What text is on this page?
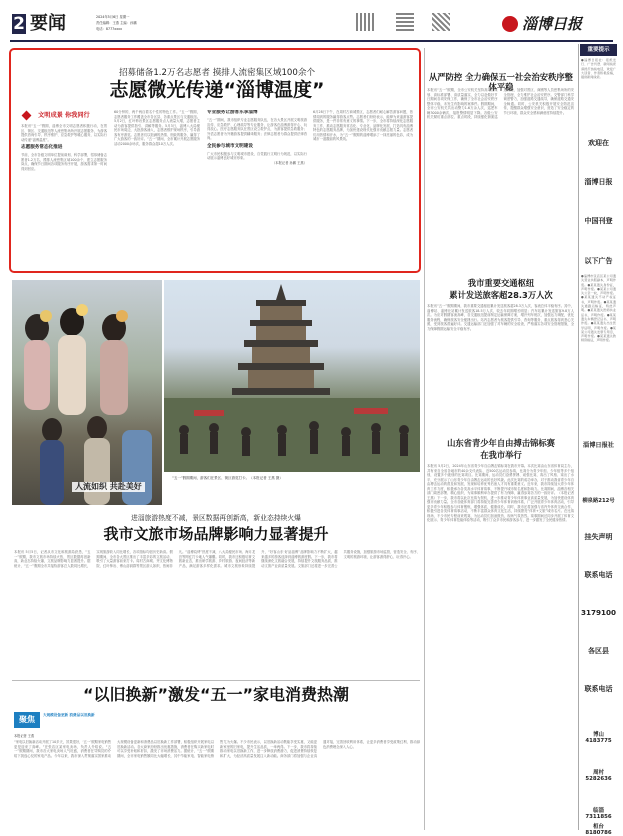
2 要闻	2024年5月6日 星期一
责任编辑：王燕 主编：孙鹏
电话：8777xxxx	淄博日报
招募储备1.2万名志愿者 摸排人流密集区域100余个
志愿微光传递“淄博温度”
$^{文明成景 你我同行}$
本报讯“五一”假期，淄博全市文明志愿者积极行动，在景区、街区、交通枢纽等人流密集场所开展志愿服务，为游客提供咨询引导、秩序维护、应急救护等暖心服务，以实际行动传递“淄博温度”。
志愿服务常态化推进
节前，全市各级文明单位提前谋划、科学部署，招募储备志愿者1.2万名，摸排人流密集区域100余个，建立志愿服务岗点，确保节日期间各项服务有序开展，游客需求第一时间得到回应。
60分钟的，两千两百着名个性的特色工作。“五一”假期，志愿者服务工作覆盖全市各区县、各重点景区与交通枢纽。5月2日，红叶柿岩景区志愿服务点人流量大增，志愿者主动为游客提供指引、讲解等服务。5月3日，淄博八大局便民市场周边，大批游客涌入，志愿者维护现场秩序，引导游客有序游览。志愿者们以饱满的热情、细致的服务，赢得了广大游客的一致好评。“五一”期间，全市累计开展志愿服务活动2000余场次，服务群众超10万人次。
专业服务让游客乐享淄博
“五一”期间，我市组织专业志愿服务队伍，在各大景区开展文明旅游宣传、应急救护、心理疏导等专业服务，让游客在淄博游得开心、玩得放心。医疗志愿服务队在景区设立救护点，为游客提供急救服务；外语志愿者为外籍游客提供翻译服务；法律志愿者为群众提供法律咨询。
全民参与城市文明建设
广大市民积极参与文明城市建设，自觉践行文明行为规范，以实际行动展示淄博良好城市形象。
（本报记者 孙鹏 王燕）
6月28日下午，在周村古商城景区，志愿者们耐心解答游客问题，热情周到的服务赢得游客点赞。志愿者们纷纷表示，能够为来淄游客提供服务，是一件非常有意义的事情。下一步，全市将持续深化志愿服务工作，推动志愿服务常态化、专业化、品牌化发展，打造具有淄博特色的志愿服务品牌，为加快建设现代化强市贡献志愿力量。志愿者们用热情和汗水，为“五一”假期的淄博增添了一抹亮丽的色彩，成为城市一道靓丽的风景线。
从严防控 全力确保五一社会治安秩序整体平稳
本报讯“五一”假期，全市公安机关坚持高站位谋划、高标准部署、高质量落实，全力以赴做好节日期间各项安保工作，确保了全市社会治安秩序整体平稳，未发生有影响的案事件。假期期间，全市公安机关共出动警力1.6万余人次，巡逻车辆3000余辆次，接报警情明显下降。各级公安机关紧盯重点部位、重点时段，持续强化街面巡逻防控，加强对景区、商圈等人员密集场所的安全管理，全力维护社会治安秩序。交警部门科学调度警力，加强道路交通疏导，确保道路交通安全畅通。同时，公安机关积极开展安全防范宣传，提醒群众增强安全意识，营造了安全稳定的节日环境，群众安全感和满意度持续提升。
我市重要交通枢纽
累计发送旅客超28.3万人次
本报讯“五一”假期期间，我市重要交通枢纽累计发送旅客超28.3万人次，客流总体平稳有序。其中，淄博站、淄博北站累计发送旅客18.5万人次，较去年同期增长明显；汽车站累计发送旅客9.8万人次。为应对假期客流高峰，各交通枢纽提前制定运输保障方案，增开列车班次，加强运力调配，优化服务流程，确保旅客安全便捷出行。站内志愿者为旅客提供引导、咨询等服务，重点旅客得到悉心关照，受到旅客普遍好评。交通运输部门还加强了对车辆的安全检查，严格落实各项安全管理措施，全力保障假期运输安全平稳有序。
山东省青少年自由搏击锦标赛
在我市举行
本报讯 5月2日，2024年山东省青少年自由搏击锦标赛在我市开幕。本次比赛由山东省体育局主办，共有来自全省各地市的40余支代表队、近500名运动员参赛，比赛分为青少年组、少年组等多个组别，设置多个级别的比赛项目。比赛期间，运动员们奋勇拼搏、顽强比赛，赛出了风格、赛出了水平，充分展示了山东青少年自由搏击运动的良好风貌。此次比赛的成功举办，对于推动我省青少年自由搏击运动的普及和发展，发现和培养优秀后备人才具有重要意义。近年来，我市持续加大青少年体育工作力度，积极承办各类高水平体育赛事，不断提升城市知名度和影响力。比赛期间，淄博各相关部门周密部署、精心组织，为赛事顺利举办提供了有力保障，赢得参赛各方的一致好评。（本报记者 王燕）下一步，我市将以此次比赛为契机，进一步推动青少年体育事业高质量发展，为加快建设体育强市贡献力量。全市各级体育部门将持续完善青少年体育训练体系，广泛开展青少年体育活动，引导更多青少年积极参与体育锻炼，增强体质，健康成长。同时，我市还将加强与省内外体育交流合作，积极引进各类体育赛事活动，不断丰富群众体育文化生活，持续擦亮“体育+文旅”城市名片。在比赛现场，不少市民专程前来观赛，为运动员们加油鼓劲，现场气氛热烈。赛事期间还同步开展了体育文化展示、青少年体育技能体验等活动，吸引了众多市民和游客参与，进一步激发了全民健身热情。
重要提示
●淄博日报社：报纸发行、广告刊登、新闻线索请拨打热线电话，欢迎广大读者、作者积极投稿，提供新闻线索。
欢迎在
淄博日报
中国刊登
以下广告
●淄博市张店区某公司遗失营业执照副本，声明作废。●某某遗失身份证，声明作废。●某某公司遗失公章一枚，声明作废。●某某遗失不动产权证书，声明作废。●某某遗失道路运输证，特此声明。●某某遗失医师执业证书，声明作废。●某某遗失车辆登记证书，声明作废。●某某遗失出生医学证明，声明作废。●某某公司遗失发票专用章，声明作废。●某某遗失教师资格证，声明作废。
淄博日报社
柳泉路212号
挂失声明
联系电话
3179100
各区县
联系电话
博山4183775
周村5282636
临淄7311856
桓台8180786
人流如织 共赴美好
“五一”假期期间，游客们在景区、街区游览打卡。（本报记者 王燕 摄）
进淄旅游热度不减，景区数据再创新高，新业态持续火爆
我市文旅市场品牌影响力显著提升
本报讯 5月5日，记者从市文化和旅游局获悉，“五一”假期，我市文旅市场持续火热，景区数据再创新高，新业态持续火爆，文旅品牌影响力显著提升。据统计，“五一”假期全市共接待游客总人数同比增长，实现旅游收入同比增长，各项指标均创历史新高。假期期间，全市各大景区推出了丰富多彩的文旅活动，吸引了大量游客前来打卡。周村古商城、齐文化博物院、红叶柿岩、博山溶洞群等景区游人如织，热闹非凡。“淄博烧烤”热度不减，八大局便民市场、海月龙宫等网红打卡地人气爆棚。同时，我市还积极培育文旅新业态，推出研学旅游、乡村旅游、夜间经济等新产品，满足游客多样化需求。城市文旅形象持续提升，“好客山东·好品淄博”品牌影响力不断扩大，越来越多的游客选择到淄博旅游度假。下一步，我市将继续深化文旅融合发展，持续提升文旅服务品质，推动文旅产业高质量发展。文旅部门还将进一步完善公共服务设施，加强旅游市场监管，营造安全、有序、文明的旅游环境，让游客游得舒心、玩得开心。
“以旧换新”激发“五一”家电消费热潮
聚焦	大规模设备更新 消费品以旧换新
本报记者 王燕
“家电以旧换新活动开展了10多天，效果很好，‘五一’假期家电销售更是迎来了高峰。”在张店区某家电卖场，负责人介绍说。“五一”假期期间，我市各大家电卖场人气旺盛，消费者在导购员的介绍下挑选心仪的家电产品。今年以来，我市深入贯彻落实国家推动大规模设备更新和消费品以旧换新工作部署，积极组织开展家电以旧换新活动。各大商家纷纷推出优惠措施，消费者在购买新家电时可以享受补贴和折扣，激发了市场消费活力。据统计，“五一”假期期间，全市家电销售额同比大幅增长，其中节能家电、智能家电销售尤为火爆。不少市民表示，以旧换新活动既能享受实惠，又能更新家里的旧家电，提升生活品质，一举两得。下一步，我市将持续推动家电以旧换新工作，进一步释放消费潜力，促进消费持续恢复和扩大，为经济高质量发展注入新动能。商务部门将加强与企业沟通对接，完善回收利用体系，让更多消费者享受政策红利，推动绿色消费理念深入人心。
